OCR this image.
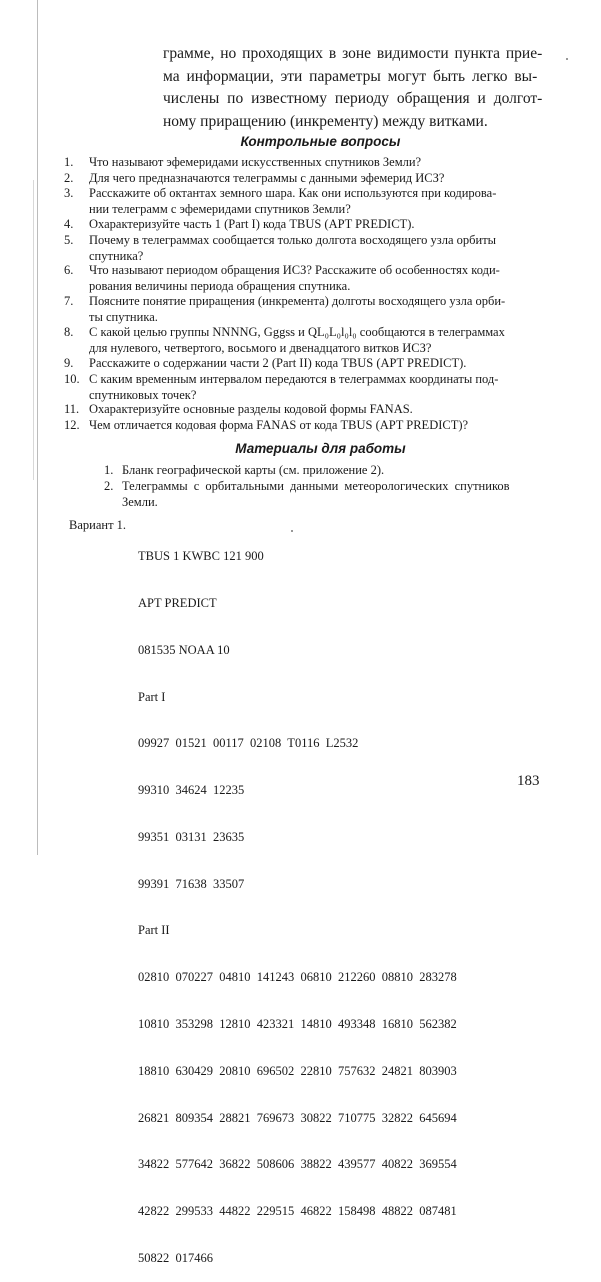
грамме, но проходящих в зоне видимости пункта прие-
ма информации, эти параметры могут быть легко вы-
числены по известному периоду обращения и долгот-
ному приращению (инкременту) между витками.
Контрольные вопросы
1.	Что называют эфемеридами искусственных спутников Земли?
2.	Для чего предназначаются телеграммы с данными эфемерид ИСЗ?
3.	Расскажите об октантах земного шара. Как они используются при кодирова-
нии телеграмм с эфемеридами спутников Земли?
4.	Охарактеризуйте часть 1 (Part I) кода TBUS (APT PREDICT).
5.	Почему в телеграммах сообщается только долгота восходящего узла орбиты
спутника?
6.	Что называют периодом обращения ИСЗ? Расскажите об особенностях коди-
рования величины периода обращения спутника.
7.	Поясните понятие приращения (инкремента) долготы восходящего узла орби-
ты спутника.
8.	С какой целью группы NNNNG, Gggss и QL₀L₀l₀l₀ сообщаются в телеграммах
для нулевого, четвертого, восьмого и двенадцатого витков ИСЗ?
9.	Расскажите о содержании части 2 (Part II) кода TBUS (APT PREDICT).
10. С каким временным интервалом передаются в телеграммах координаты под-
спутниковых точек?
11. Охарактеризуйте основные разделы кодовой формы FANAS.
12. Чем отличается кодовая форма FANAS от кода TBUS (APT PREDICT)?
Материалы для работы
1. Бланк географической карты (см. приложение 2).
2. Телеграммы с орбитальными данными метеорологических спутников
Земли.
Вариант 1.

TBUS 1 KWBC 121 900

APT PREDICT

081535 NOAA 10

Part I

09927  01521  00117  02108  T0116  L2532

99310  34624  12235

99351  03131  23635

99391  71638  33507

Part II

02810  070227  04810  141243  06810  212260  08810  283278

10810  353298  12810  423321  14810  493348  16810  562382

18810  630429  20810  696502  22810  757632  24821  803903

26821  809354  28821  769673  30822  710775  32822  645694

34822  577642  36822  508606  38822  439577  40822  369554

42822  299533  44822  229515  46822  158498  48822  087481

50822  017466

183
